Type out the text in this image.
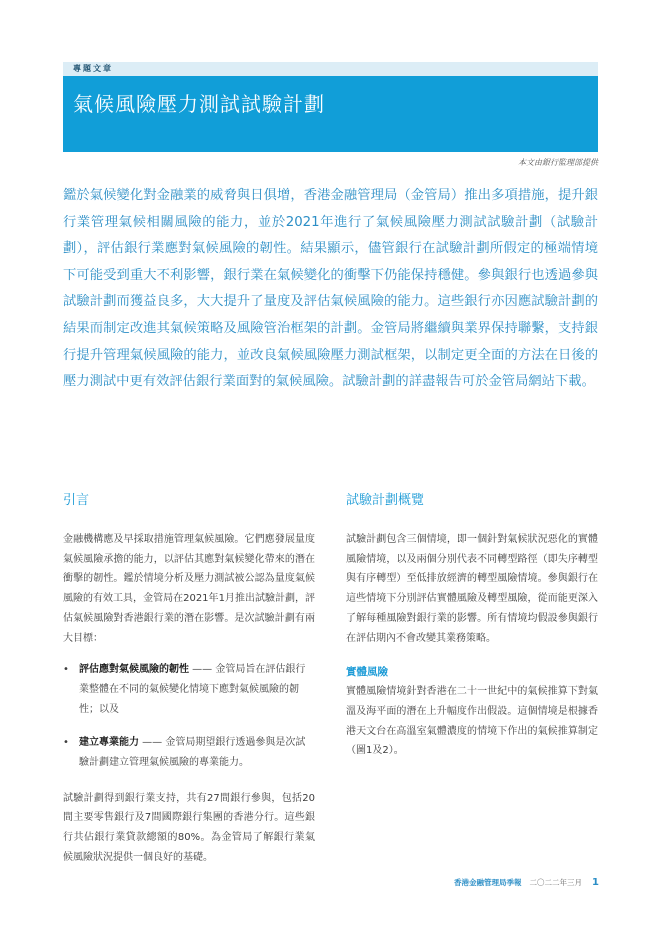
專題文章
氣候風險壓力測試試驗計劃
本文由銀行監理部提供

鑑於氣候變化對金融業的威脅與日俱增，香港金融管理局（金管局）推出多項措施，提升銀行業管理氣候相關風險的能力，並於2021年進行了氣候風險壓力測試試驗計劃（試驗計劃），評估銀行業應對氣候風險的韌性。結果顯示，儘管銀行在試驗計劃所假定的極端情境下可能受到重大不利影響，銀行業在氣候變化的衝擊下仍能保持穩健。參與銀行也透過參與試驗計劃而獲益良多，大大提升了量度及評估氣候風險的能力。這些銀行亦因應試驗計劃的結果而制定改進其氣候策略及風險管治框架的計劃。金管局將繼續與業界保持聯繫，支持銀行提升管理氣候風險的能力，並改良氣候風險壓力測試框架，以制定更全面的方法在日後的壓力測試中更有效評估銀行業面對的氣候風險。試驗計劃的詳盡報告可於金管局網站下載。

引言

金融機構應及早採取措施管理氣候風險。它們應發展量度氣候風險承擔的能力，以評估其應對氣候變化帶來的潛在衝擊的韌性。鑑於情境分析及壓力測試被公認為量度氣候風險的有效工具，金管局在2021年1月推出試驗計劃，評估氣候風險對香港銀行業的潛在影響。是次試驗計劃有兩大目標：

• 評估應對氣候風險的韌性 —— 金管局旨在評估銀行業整體在不同的氣候變化情境下應對氣候風險的韌性；以及
• 建立專業能力 —— 金管局期望銀行透過參與是次試驗計劃建立管理氣候風險的專業能力。

試驗計劃得到銀行業支持，共有27間銀行參與，包括20間主要零售銀行及7間國際銀行集團的香港分行。這些銀行共佔銀行業貸款總額的80%。為金管局了解銀行業氣候風險狀況提供一個良好的基礎。

試驗計劃概覽

試驗計劃包含三個情境，即一個針對氣候狀況惡化的實體風險情境，以及兩個分別代表不同轉型路徑（即失序轉型與有序轉型）至低排放經濟的轉型風險情境。參與銀行在這些情境下分別評估實體風險及轉型風險，從而能更深入了解每種風險對銀行業的影響。所有情境均假設參與銀行在評估期內不會改變其業務策略。

實體風險

實體風險情境針對香港在二十一世紀中的氣候推算下對氣溫及海平面的潛在上升幅度作出假設。這個情境是根據香港天文台在高溫室氣體濃度的情境下作出的氣候推算制定（圖1及2）。

香港金融管理局季報 二〇二二年三月 1
